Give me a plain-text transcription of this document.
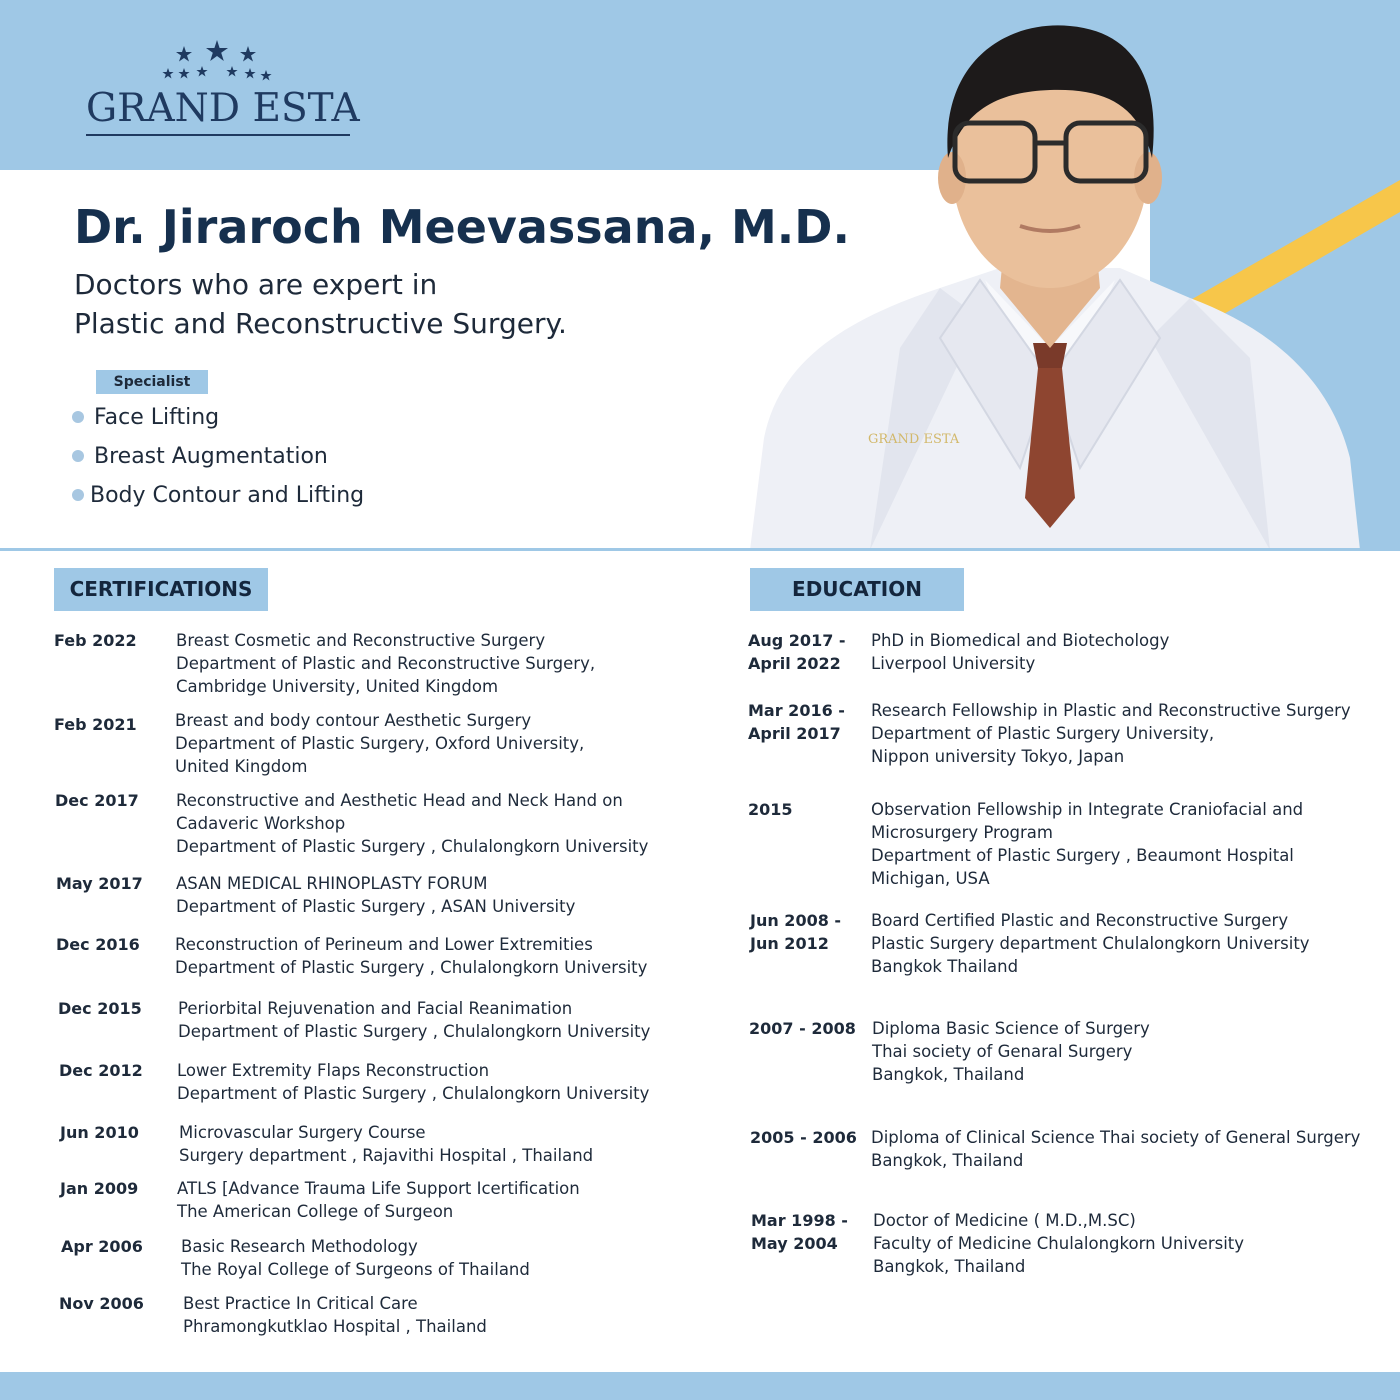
GRAND ESTA
GRAND ESTA
Dr. Jiraroch Meevassana, M.D.
Doctors who are expert in
Plastic and Reconstructive Surgery.
Specialist
Face Lifting
Breast Augmentation
Body Contour and Lifting
CERTIFICATIONS	EDUCATION
Feb 2022 Breast Cosmetic and Reconstructive Surgery
Department of Plastic and Reconstructive Surgery,
Cambridge University, United Kingdom
Feb 2021 Breast and body contour Aesthetic Surgery
Department of Plastic Surgery, Oxford University,
United Kingdom
Dec 2017 Reconstructive and Aesthetic Head and Neck Hand on
Cadaveric Workshop
Department of Plastic Surgery , Chulalongkorn University
May 2017 ASAN MEDICAL RHINOPLASTY FORUM
Department of Plastic Surgery , ASAN University
Dec 2016 Reconstruction of Perineum and Lower Extremities
Department of Plastic Surgery , Chulalongkorn University
Dec 2015 Periorbital Rejuvenation and Facial Reanimation
Department of Plastic Surgery , Chulalongkorn University
Dec 2012 Lower Extremity Flaps Reconstruction
Department of Plastic Surgery , Chulalongkorn University
Jun 2010 Microvascular Surgery Course
Surgery department , Rajavithi Hospital , Thailand
Jan 2009 ATLS [Advance Trauma Life Support Icertification
The American College of Surgeon
Apr 2006 Basic Research Methodology
The Royal College of Surgeons of Thailand
Nov 2006 Best Practice In Critical Care
Phramongkutklao Hospital , Thailand
Aug 2017 -
April 2022
PhD in Biomedical and Biotechology
Liverpool University
Mar 2016 -
April 2017
Research Fellowship in Plastic and Reconstructive Surgery
Department of Plastic Surgery University,
Nippon university Tokyo, Japan
2015	Observation Fellowship in Integrate Craniofacial and
Microsurgery Program
Department of Plastic Surgery , Beaumont Hospital
Michigan, USA
Jun 2008 -
Jun 2012
Board Certified Plastic and Reconstructive Surgery
Plastic Surgery department Chulalongkorn University
Bangkok Thailand
2007 - 2008 Diploma Basic Science of Surgery
Thai society of Genaral Surgery
Bangkok, Thailand
2005 - 2006 Diploma of Clinical Science Thai society of General Surgery
Bangkok, Thailand
Mar 1998 -
May 2004
Doctor of Medicine ( M.D.,M.SC)
Faculty of Medicine Chulalongkorn University
Bangkok, Thailand
